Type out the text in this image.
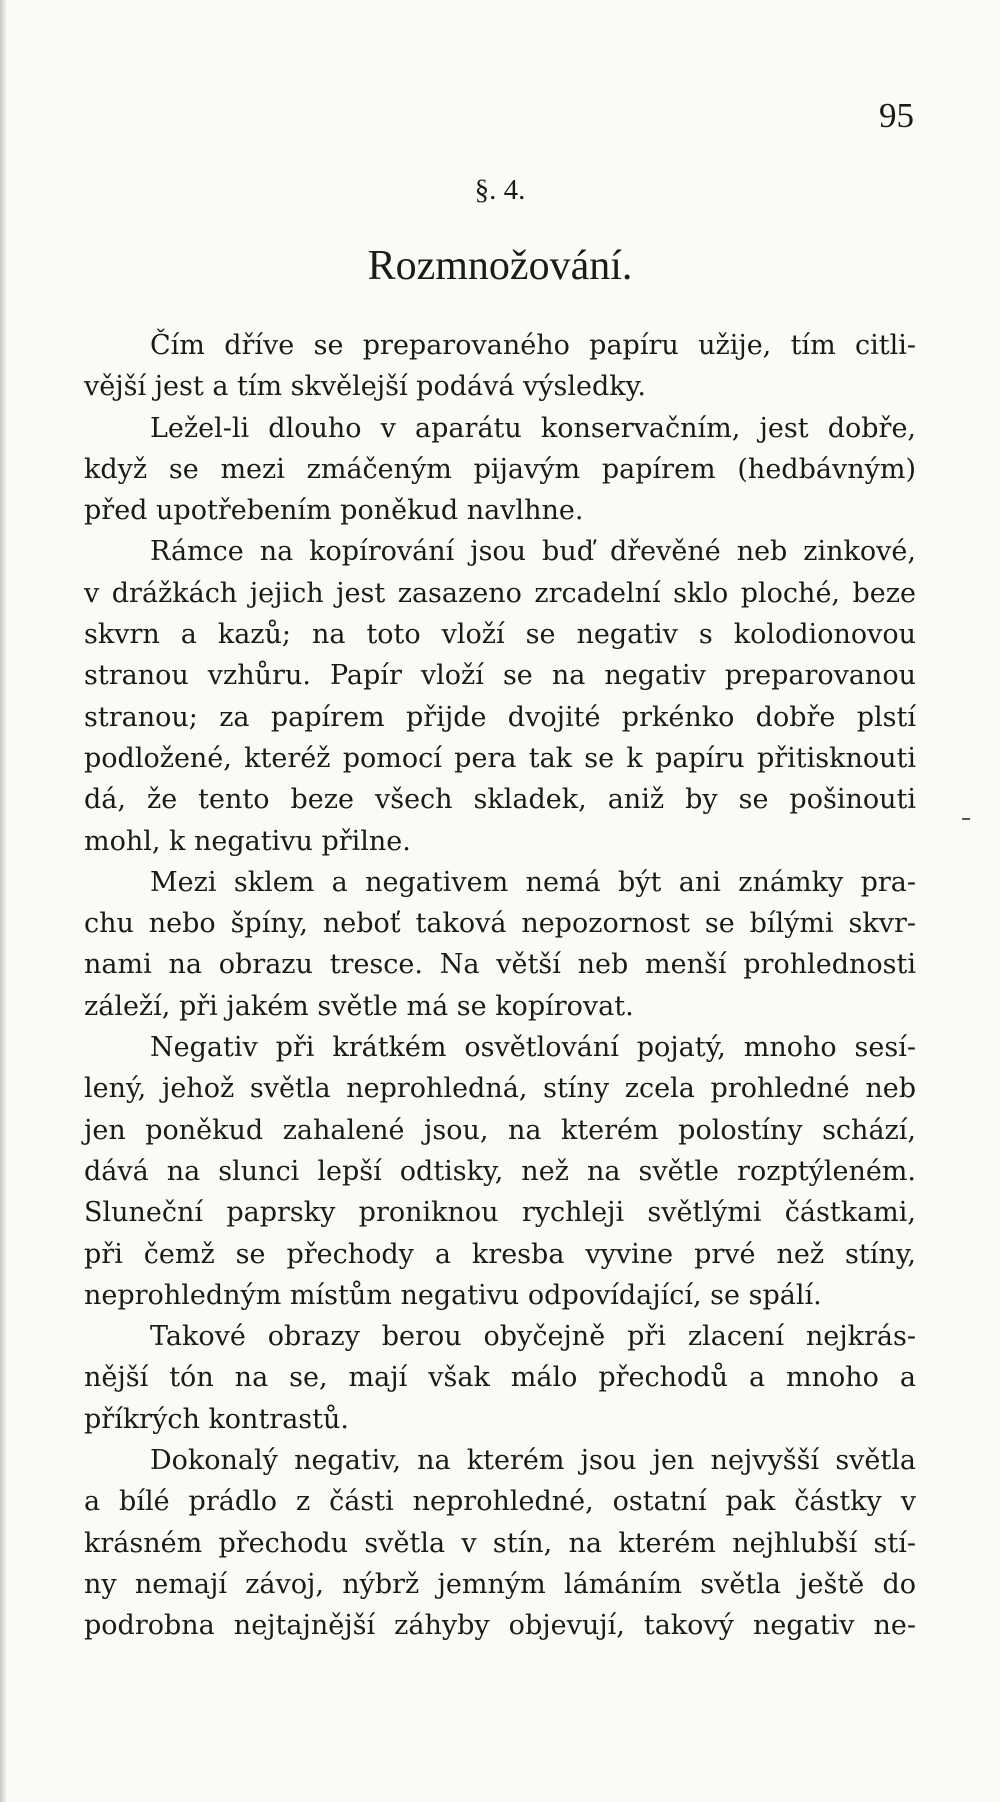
95
§. 4.
Rozmnožování.
Čím dříve se preparovaného papíru užije, tím citli-
vější jest a tím skvělejší podává výsledky.
Ležel-li dlouho v aparátu konservačním, jest dobře,
když se mezi zmáčeným pijavým papírem (hedbávným)
před upotřebením poněkud navlhne.
Rámce na kopírování jsou buď dřevěné neb zinkové,
v drážkách jejich jest zasazeno zrcadelní sklo ploché, beze
skvrn a kazů; na toto vloží se negativ s kolodionovou
stranou vzhůru. Papír vloží se na negativ preparovanou
stranou; za papírem přijde dvojité prkénko dobře plstí
podložené, kteréž pomocí pera tak se k papíru přitisknouti
dá, že tento beze všech skladek, aniž by se pošinouti
mohl, k negativu přilne.
Mezi sklem a negativem nemá být ani známky pra-
chu nebo špíny, neboť taková nepozornost se bílými skvr-
nami na obrazu tresce. Na větší neb menší prohlednosti
záleží, při jakém světle má se kopírovat.
Negativ při krátkém osvětlování pojatý, mnoho sesí-
lený, jehož světla neprohledná, stíny zcela prohledné neb
jen poněkud zahalené jsou, na kterém polostíny schází,
dává na slunci lepší odtisky, než na světle rozptýleném.
Sluneční paprsky proniknou rychleji světlými částkami,
při čemž se přechody a kresba vyvine prvé než stíny,
neprohledným místům negativu odpovídající, se spálí.
Takové obrazy berou obyčejně při zlacení nejkrás-
nější tón na se, mají však málo přechodů a mnoho a
příkrých kontrastů.
Dokonalý negativ, na kterém jsou jen nejvyšší světla
a bílé prádlo z části neprohledné, ostatní pak částky v
krásném přechodu světla v stín, na kterém nejhlubší stí-
ny nemají závoj, nýbrž jemným lámáním světla ještě do
podrobna nejtajnější záhyby objevují, takový negativ ne-
